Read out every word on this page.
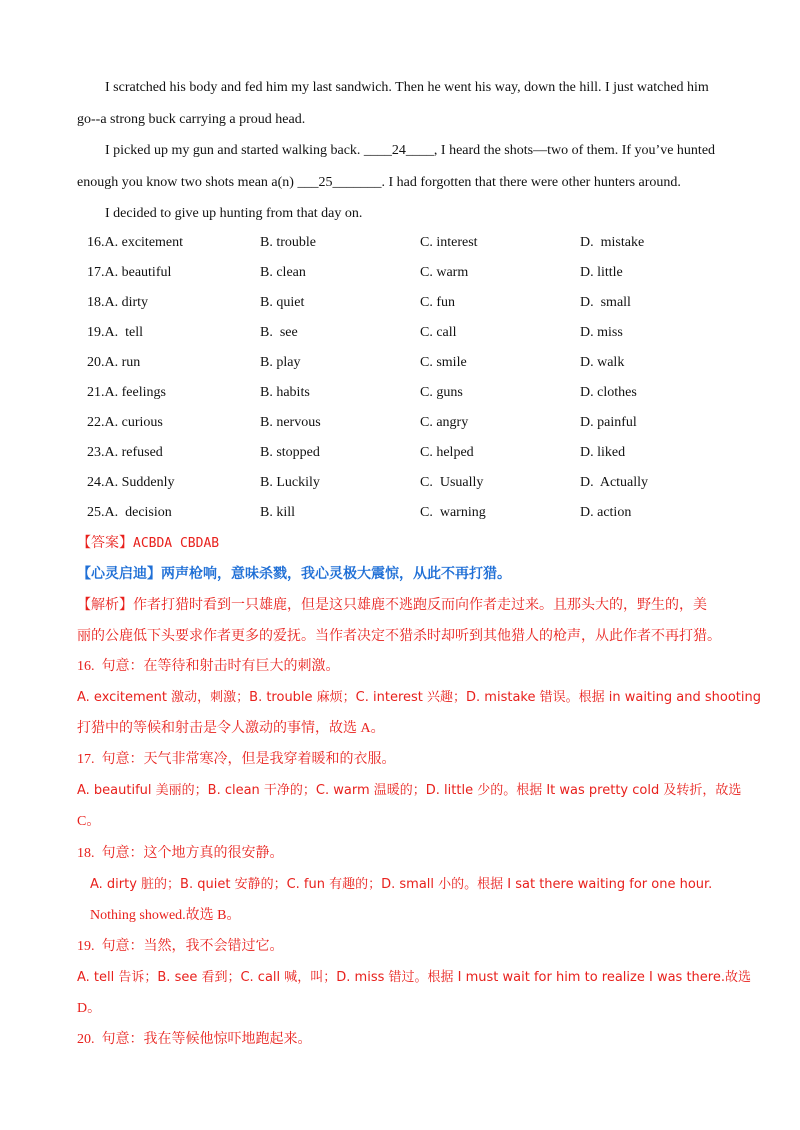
I scratched his body and fed him my last sandwich. Then he went his way, down the hill. I just watched him
go--a strong buck carrying a proud head.
I picked up my gun and started walking back. ____24____, I heard the shots—two of them. If you’ve hunted
enough you know two shots mean a(n) ___25_______. I had forgotten that there were other hunters around.
I decided to give up hunting from that day on.
16.A. excitement	B. trouble	C. interest	D.  mistake
17.A. beautiful	B. clean	C. warm	D. little
18.A. dirty	B. quiet	C. fun	D.  small
19.A.  tell	B.  see	C. call	D. miss
20.A. run	B. play	C. smile	D. walk
21.A. feelings	B. habits	C. guns	D. clothes
22.A. curious	B. nervous	C. angry	D. painful
23.A. refused	B. stopped	C. helped	D. liked
24.A. Suddenly	B. Luckily	C.  Usually	D.  Actually
25.A.  decision	B. kill	C.  warning	D. action
【答案】ACBDA CBDAB
【心灵启迪】两声枪响，意味杀戮，我心灵极大震惊，从此不再打猎。
【解析】作者打猎时看到一只雄鹿，但是这只雄鹿不逃跑反而向作者走过来。且那头大的，野生的，美
丽的公鹿低下头要求作者更多的爱抚。当作者决定不猎杀时却听到其他猎人的枪声，从此作者不再打猎。
16.  句意：在等待和射击时有巨大的刺激。
A. excitement 激动，刺激；B. trouble 麻烦；C. interest 兴趣；D. mistake 错误。根据 in waiting and shooting
打猎中的等候和射击是令人激动的事情，故选 A。
17.  句意：天气非常寒冷，但是我穿着暖和的衣服。
A. beautiful 美丽的；B. clean 干净的；C. warm 温暖的；D. little 少的。根据 It was pretty cold 及转折，故选
C。
18.  句意：这个地方真的很安静。
A. dirty 脏的；B. quiet 安静的；C. fun 有趣的；D. small 小的。根据 I sat there waiting for one hour.
Nothing showed.故选 B。
19.  句意：当然，我不会错过它。
A. tell 告诉；B. see 看到；C. call 喊，叫；D. miss 错过。根据 I must wait for him to realize I was there.故选
D。
20.  句意：我在等候他惊吓地跑起来。
